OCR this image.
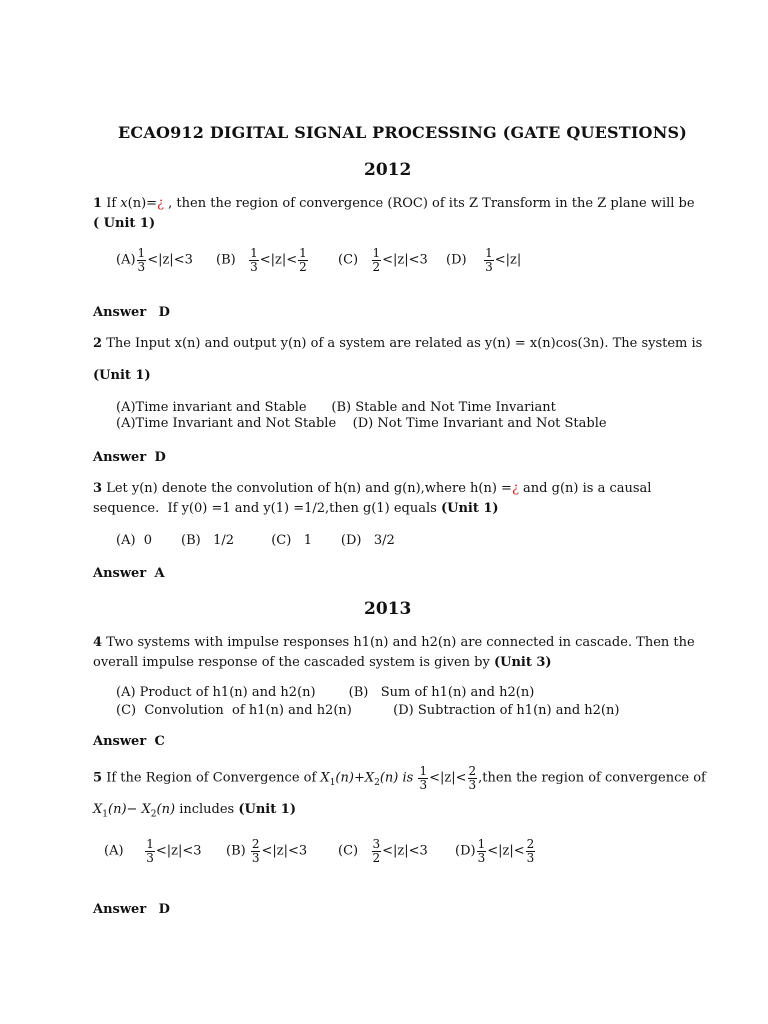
ECAO912 DIGITAL SIGNAL PROCESSING (GATE QUESTIONS)
2012
1 If x(n)=¿ , then the region of convergence (ROC) of its Z Transform in the Z plane will be
( Unit 1)
$(A) \frac{1}{3} <|z|<3$ $(B) \frac{1}{3} <|z|< \frac{1}{2} (C) \frac{1}{2} <|z|<3$ $(D) \frac{1}{3} <|z|$
Answer D
2 The Input x(n) and output y(n) of a system are related as y(n) = x(n)cos(3n). The system is
(Unit 1)
(A)Time invariant and Stable      (B) Stable and Not Time Invariant
(A)Time Invariant and Not Stable    (D) Not Time Invariant and Not Stable
Answer D
3 Let y(n) denote the convolution of h(n) and g(n),where h(n) =¿ and g(n) is a causal
sequence.  If y(0) =1 and y(1) =1/2,then g(1) equals (Unit 1)
(A)  0       (B)   1/2         (C)   1       (D)   3/2
Answer A
2013
4 Two systems with impulse responses h1(n) and h2(n) are connected in cascade. Then the
overall impulse response of the cascaded system is given by (Unit 3)
(A) Product of h1(n) and h2(n)        (B)   Sum of h1(n) and h2(n)
(C)  Convolution  of h1(n) and h2(n)          (D) Subtraction of h1(n) and h2(n)
Answer C
5 If the Region of Convergence of $X_1(n)+X_2(n)$ is $\frac{1}{3} <|z|< \frac{2}{3}$ ,then the region of convergence of
$X_1(n)- X_2(n)$ includes (Unit 1)
$(A) \frac{1}{3} <|z|<3$ $(B) \frac{2}{3} <|z|<3$ $(C) \frac{3}{2} <|z|<3$ $(D) \frac{1}{3} <|z|< \frac{2}{3}$
Answer D
